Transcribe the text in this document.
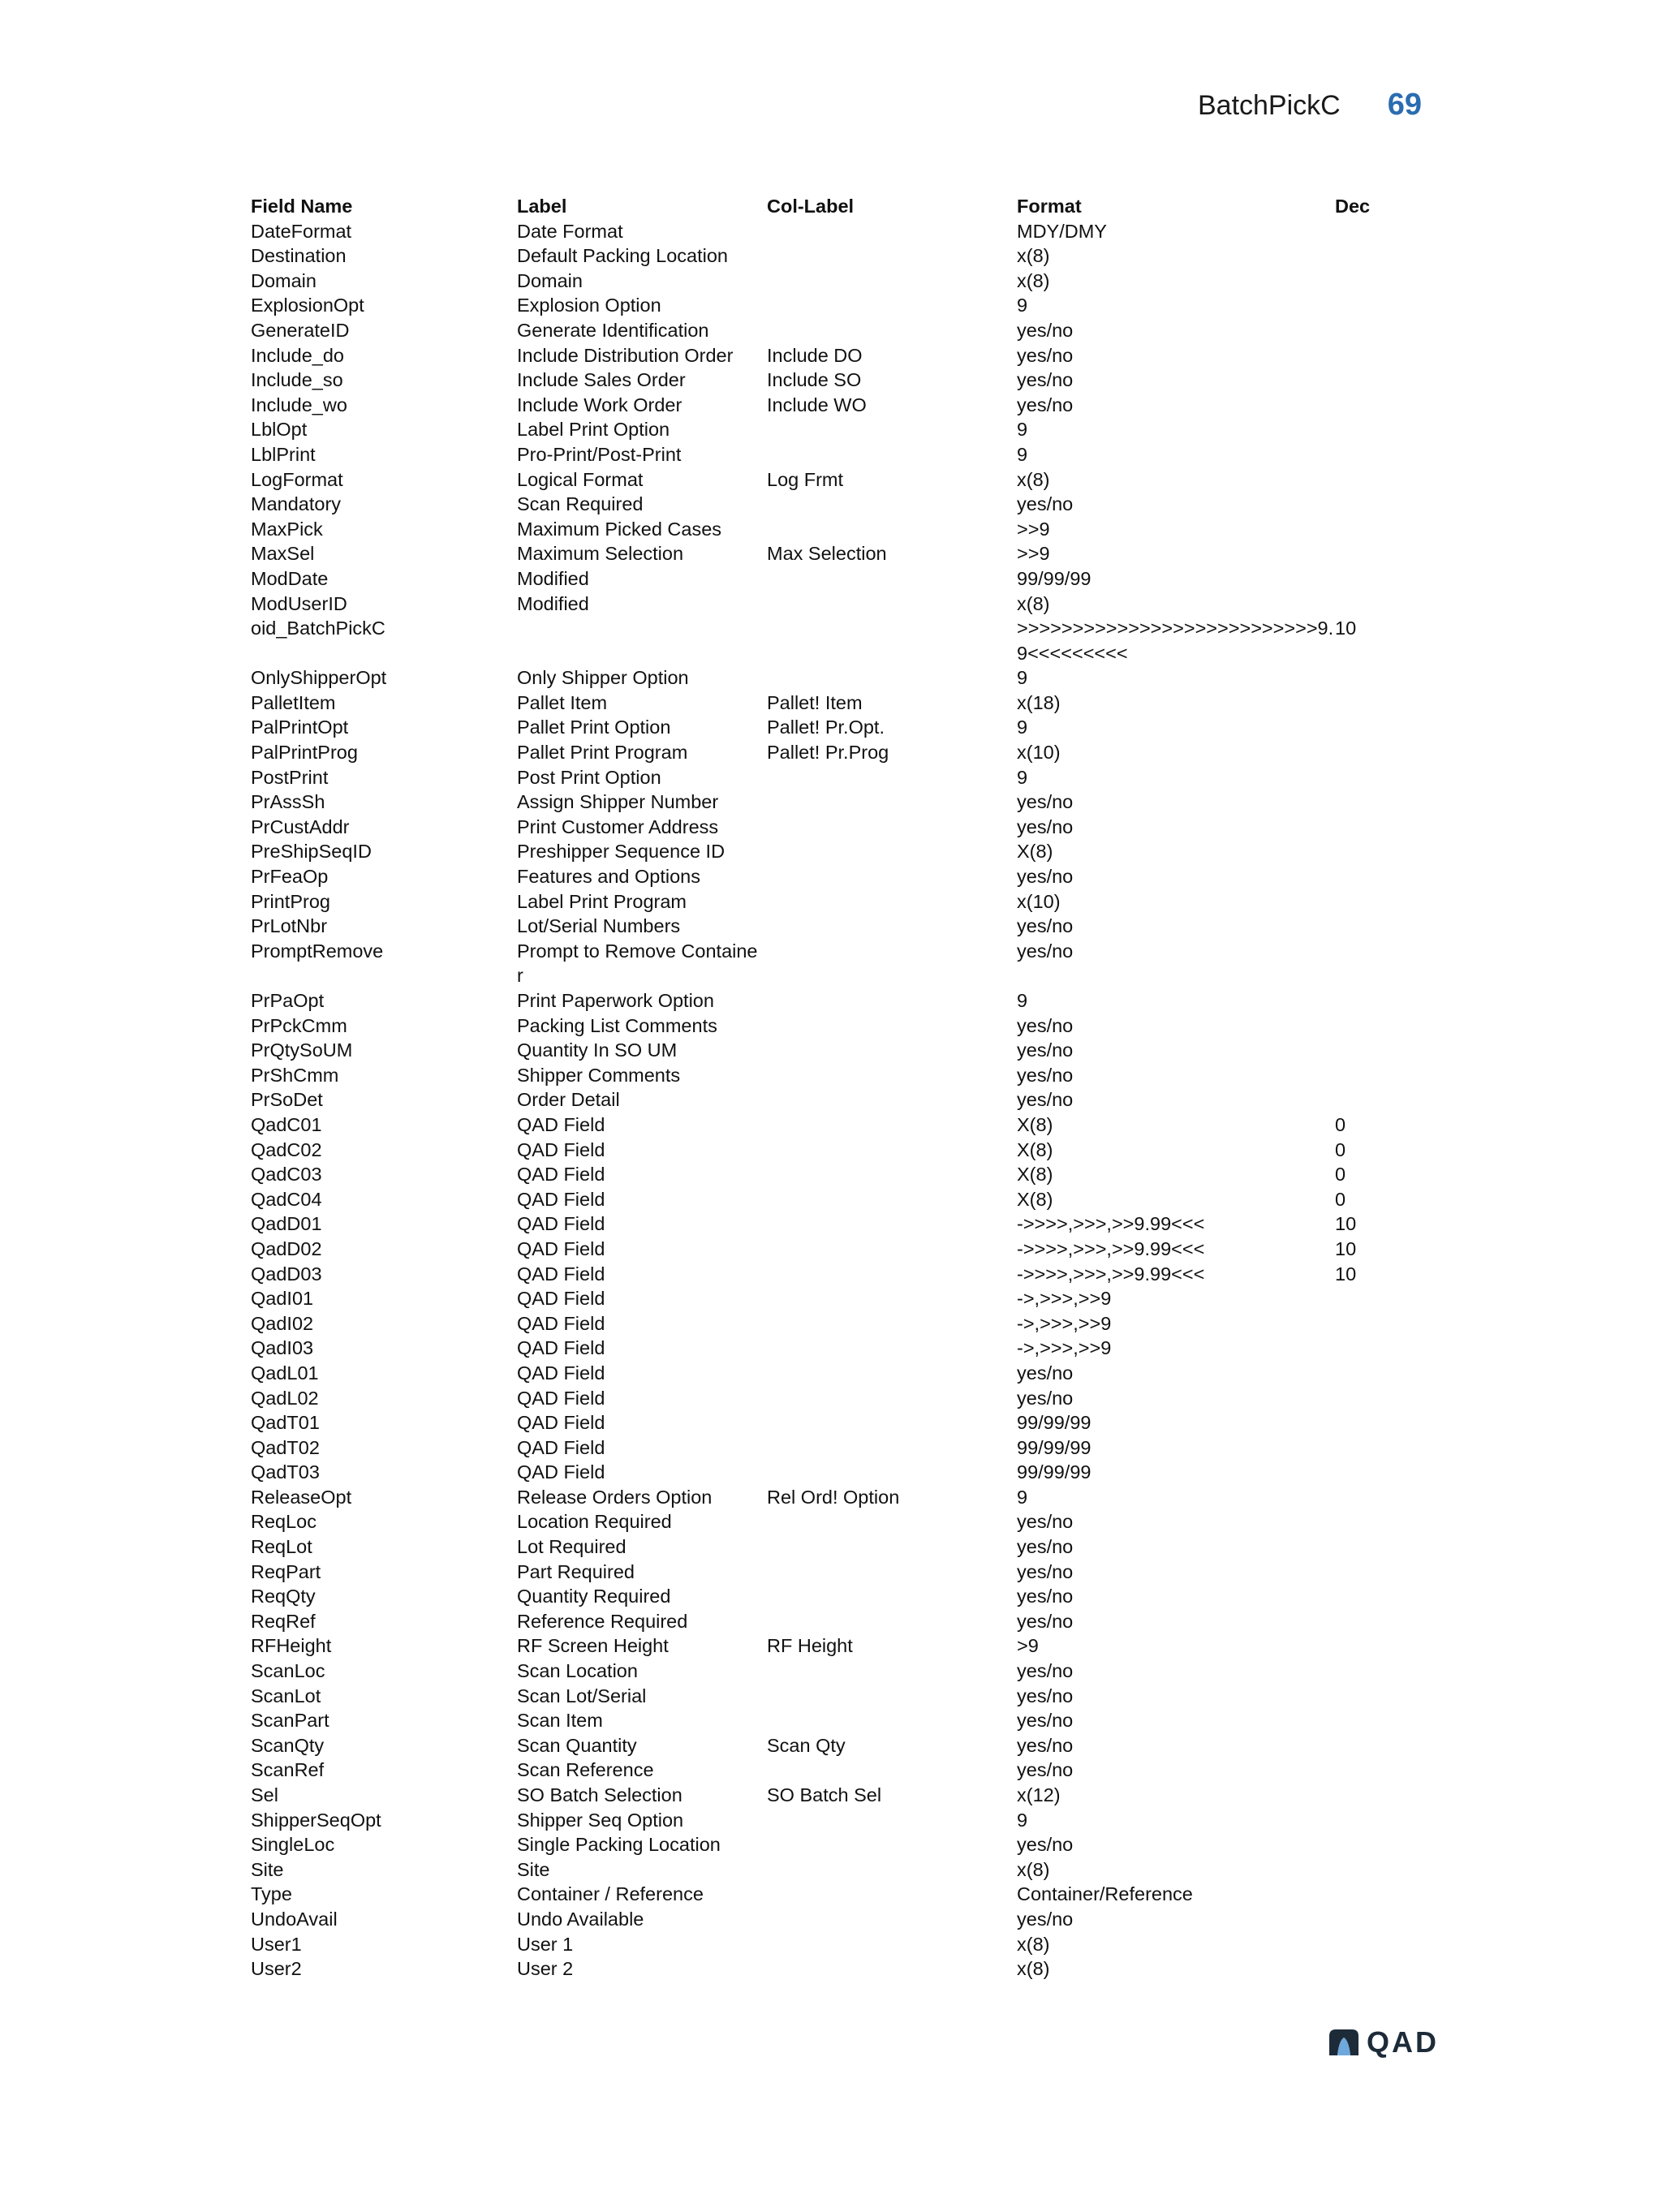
BatchPickC 69
Field Name	Label	Col-Label	Format	Dec
DateFormat	Date Format		MDY/DMY	
Destination	Default Packing Location		x(8)	
Domain	Domain		x(8)	
ExplosionOpt	Explosion Option		9	
GenerateID	Generate Identification		yes/no	
Include_do	Include Distribution Order	Include DO	yes/no	
Include_so	Include Sales Order	Include SO	yes/no	
Include_wo	Include Work Order	Include WO	yes/no	
LblOpt	Label Print Option		9	
LblPrint	Pro-Print/Post-Print		9	
LogFormat	Logical Format	Log Frmt	x(8)	
Mandatory	Scan Required		yes/no	
MaxPick	Maximum Picked Cases		>>9	
MaxSel	Maximum Selection	Max Selection	>>9	
ModDate	Modified		99/99/99	
ModUserID	Modified		x(8)	
oid_BatchPickC			>>>>>>>>>>>>>>>>>>>>>>>>>>>9.9<<<<<<<<<	10
OnlyShipperOpt	Only Shipper Option		9	
PalletItem	Pallet Item	Pallet! Item	x(18)	
PalPrintOpt	Pallet Print Option	Pallet! Pr.Opt.	9	
PalPrintProg	Pallet Print Program	Pallet! Pr.Prog	x(10)	
PostPrint	Post Print Option		9	
PrAssSh	Assign Shipper Number		yes/no	
PrCustAddr	Print Customer Address		yes/no	
PreShipSeqID	Preshipper Sequence ID		X(8)	
PrFeaOp	Features and Options		yes/no	
PrintProg	Label Print Program		x(10)	
PrLotNbr	Lot/Serial Numbers		yes/no	
PromptRemove	Prompt to Remove Container		yes/no	
PrPaOpt	Print Paperwork Option		9	
PrPckCmm	Packing List Comments		yes/no	
PrQtySoUM	Quantity In SO UM		yes/no	
PrShCmm	Shipper Comments		yes/no	
PrSoDet	Order Detail		yes/no	
QadC01	QAD Field		X(8)	0
QadC02	QAD Field		X(8)	0
QadC03	QAD Field		X(8)	0
QadC04	QAD Field		X(8)	0
QadD01	QAD Field		->>>>,>>>,>>9.99<<<	10
QadD02	QAD Field		->>>>,>>>,>>9.99<<<	10
QadD03	QAD Field		->>>>,>>>,>>9.99<<<	10
QadI01	QAD Field		->,>>>,>>9	
QadI02	QAD Field		->,>>>,>>9	
QadI03	QAD Field		->,>>>,>>9	
QadL01	QAD Field		yes/no	
QadL02	QAD Field		yes/no	
QadT01	QAD Field		99/99/99	
QadT02	QAD Field		99/99/99	
QadT03	QAD Field		99/99/99	
ReleaseOpt	Release Orders Option	Rel Ord! Option	9	
ReqLoc	Location Required		yes/no	
ReqLot	Lot Required		yes/no	
ReqPart	Part Required		yes/no	
ReqQty	Quantity Required		yes/no	
ReqRef	Reference Required		yes/no	
RFHeight	RF Screen Height	RF Height	>9	
ScanLoc	Scan Location		yes/no	
ScanLot	Scan Lot/Serial		yes/no	
ScanPart	Scan Item		yes/no	
ScanQty	Scan Quantity	Scan Qty	yes/no	
ScanRef	Scan Reference		yes/no	
Sel	SO Batch Selection	SO Batch Sel	x(12)	
ShipperSeqOpt	Shipper Seq Option		9	
SingleLoc	Single Packing Location		yes/no	
Site	Site		x(8)	
Type	Container / Reference		Container/Reference	
UndoAvail	Undo Available		yes/no	
User1	User 1		x(8)	
User2	User 2		x(8)	
QAD
